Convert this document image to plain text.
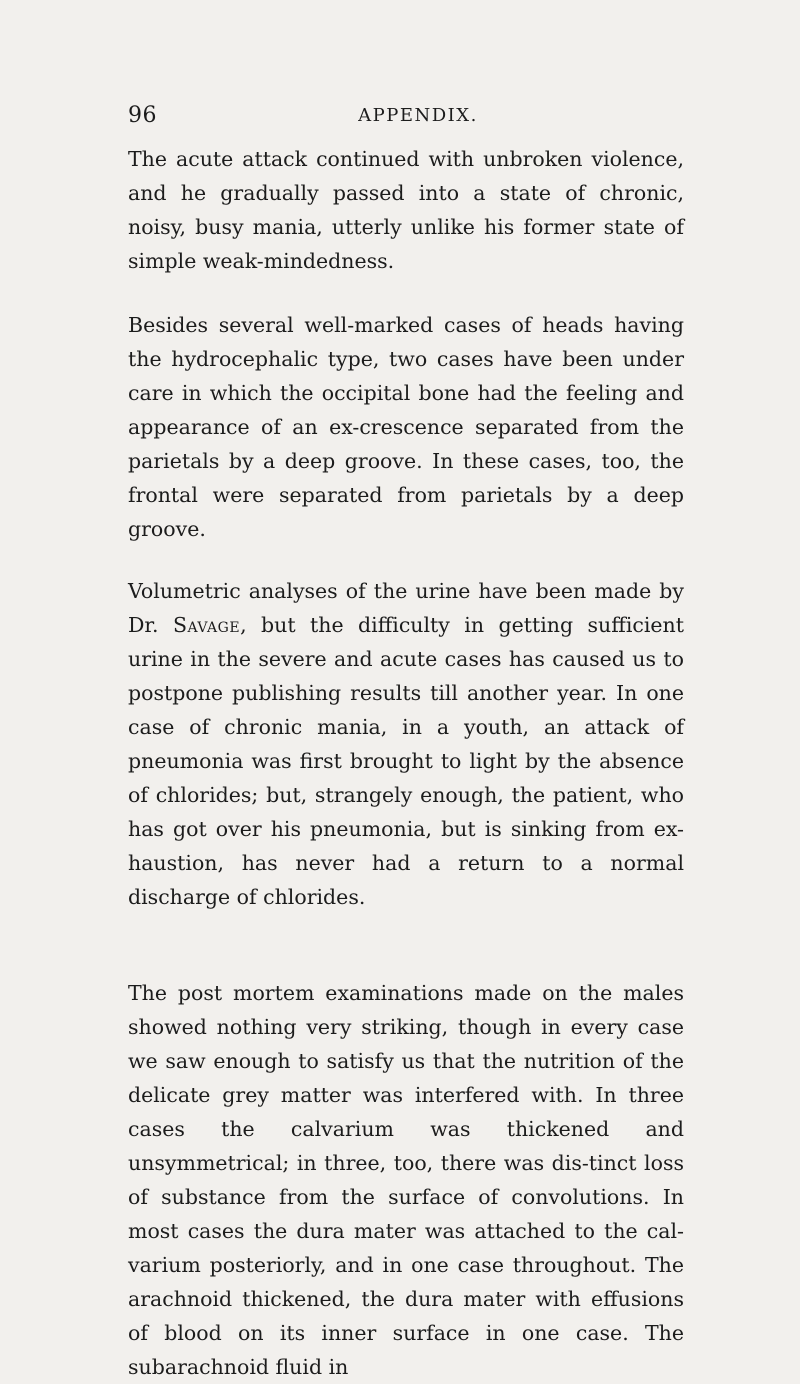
96	APPENDIX.

The acute attack continued with unbroken violence, and he gradually passed into a state of chronic, noisy, busy mania, utterly unlike his former state of simple weak-mindedness.

Besides several well-marked cases of heads having the hydrocephalic type, two cases have been under care in which the occipital bone had the feeling and appearance of an ex-crescence separated from the parietals by a deep groove. In these cases, too, the frontal were separated from parietals by a deep groove.

Volumetric analyses of the urine have been made by Dr. Savage, but the difficulty in getting sufficient urine in the severe and acute cases has caused us to postpone publishing results till another year. In one case of chronic mania, in a youth, an attack of pneumonia was first brought to light by the absence of chlorides; but, strangely enough, the patient, who has got over his pneumonia, but is sinking from ex-haustion, has never had a return to a normal discharge of chlorides.

The post mortem examinations made on the males showed nothing very striking, though in every case we saw enough to satisfy us that the nutrition of the delicate grey matter was interfered with. In three cases the calvarium was thickened and unsymmetrical; in three, too, there was dis-tinct loss of substance from the surface of convolutions. In most cases the dura mater was attached to the cal-varium posteriorly, and in one case throughout. The arachnoid thickened, the dura mater with effusions of blood on its inner surface in one case. The subarachnoid fluid in
